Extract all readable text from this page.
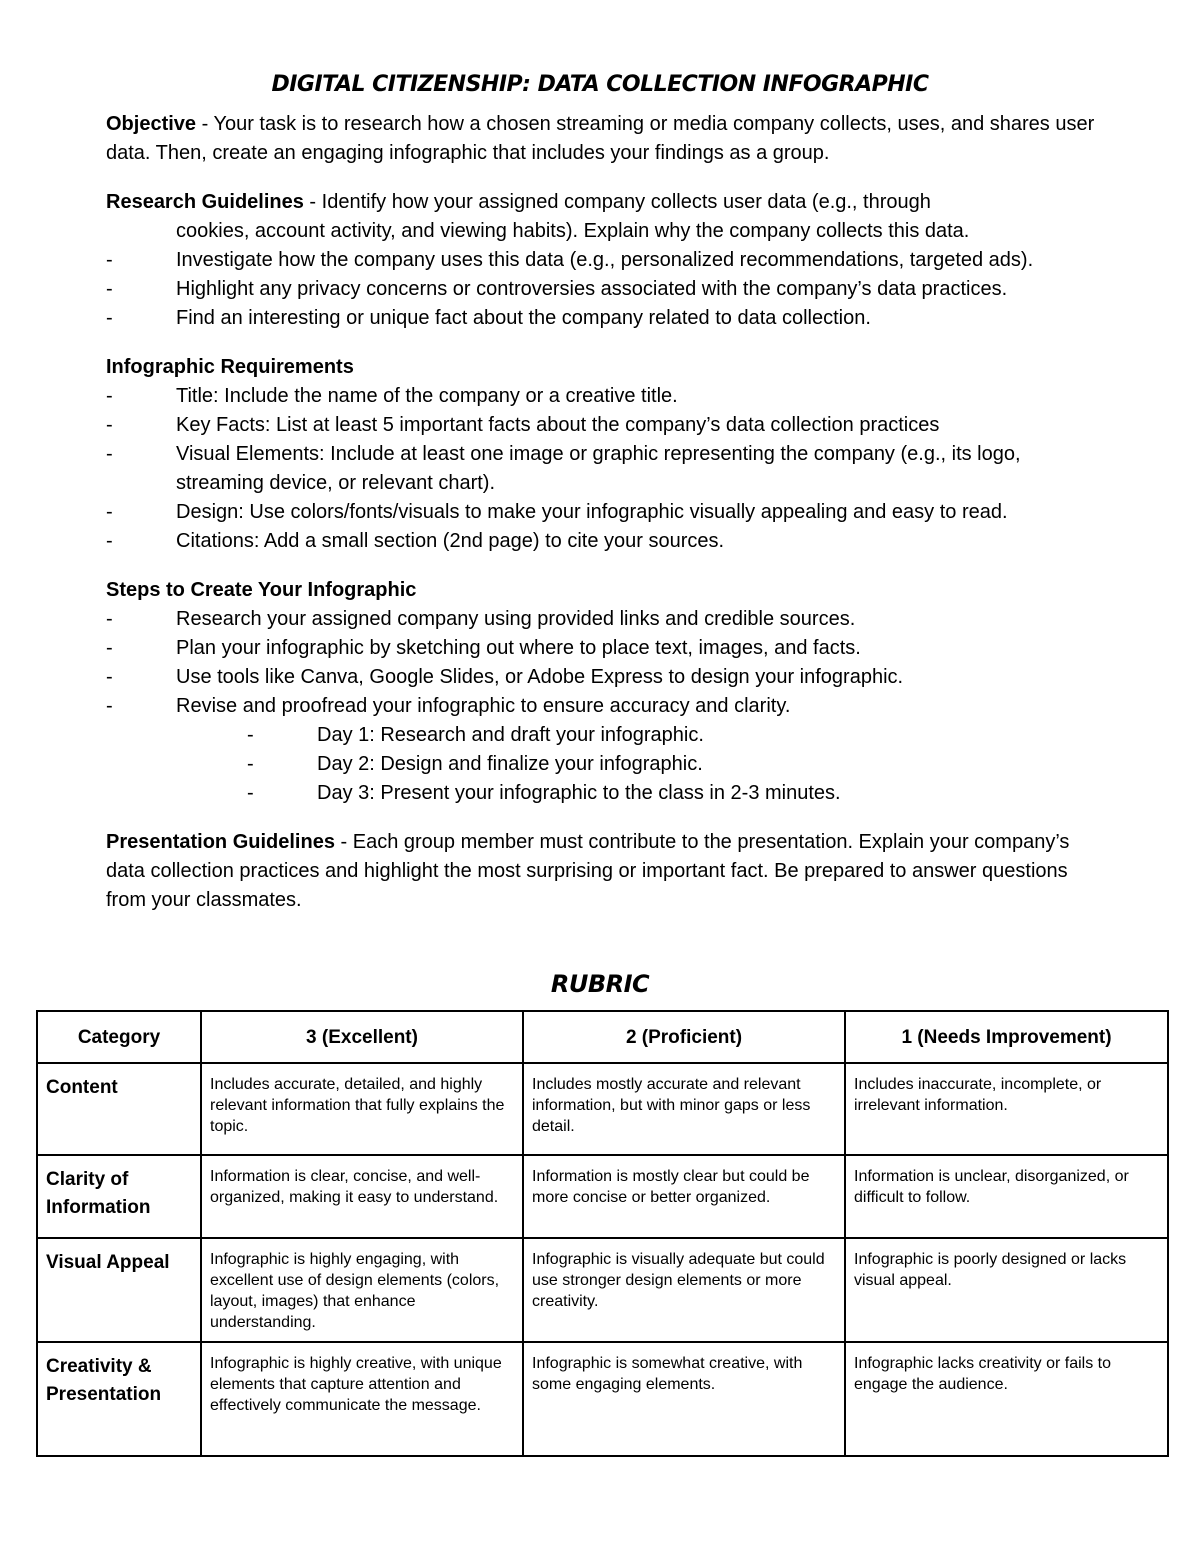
DIGITAL CITIZENSHIP: DATA COLLECTION INFOGRAPHIC
Objective - Your task is to research how a chosen streaming or media company collects, uses, and shares user data. Then, create an engaging infographic that includes your findings as a group.
Research Guidelines - Identify how your assigned company collects user data (e.g., through
cookies, account activity, and viewing habits). Explain why the company collects this data.
-	Investigate how the company uses this data (e.g., personalized recommendations, targeted ads).
-	Highlight any privacy concerns or controversies associated with the company’s data practices.
-	Find an interesting or unique fact about the company related to data collection.
Infographic Requirements
-	Title: Include the name of the company or a creative title.
-	Key Facts: List at least 5 important facts about the company’s data collection practices
-	Visual Elements: Include at least one image or graphic representing the company (e.g., its logo, streaming device, or relevant chart).
-	Design: Use colors/fonts/visuals to make your infographic visually appealing and easy to read.
-	Citations: Add a small section (2nd page) to cite your sources.
Steps to Create Your Infographic
-	Research your assigned company using provided links and credible sources.
-	Plan your infographic by sketching out where to place text, images, and facts.
-	Use tools like Canva, Google Slides, or Adobe Express to design your infographic.
-	Revise and proofread your infographic to ensure accuracy and clarity.
-	Day 1: Research and draft your infographic.
-	Day 2: Design and finalize your infographic.
-	Day 3: Present your infographic to the class in 2-3 minutes.
Presentation Guidelines - Each group member must contribute to the presentation. Explain your company’s data collection practices and highlight the most surprising or important fact. Be prepared to answer questions from your classmates.
RUBRIC
Category	3 (Excellent)	2 (Proficient)	1 (Needs Improvement)
Content	Includes accurate, detailed, and highly relevant information that fully explains the topic.	Includes mostly accurate and relevant information, but with minor gaps or less detail.	Includes inaccurate, incomplete, or irrelevant information.
Clarity of Information	Information is clear, concise, and well-organized, making it easy to understand.	Information is mostly clear but could be more concise or better organized.	Information is unclear, disorganized, or difficult to follow.
Visual Appeal	Infographic is highly engaging, with excellent use of design elements (colors, layout, images) that enhance understanding.	Infographic is visually adequate but could use stronger design elements or more creativity.	Infographic is poorly designed or lacks visual appeal.
Creativity & Presentation	Infographic is highly creative, with unique elements that capture attention and effectively communicate the message.	Infographic is somewhat creative, with some engaging elements.	Infographic lacks creativity or fails to engage the audience.
